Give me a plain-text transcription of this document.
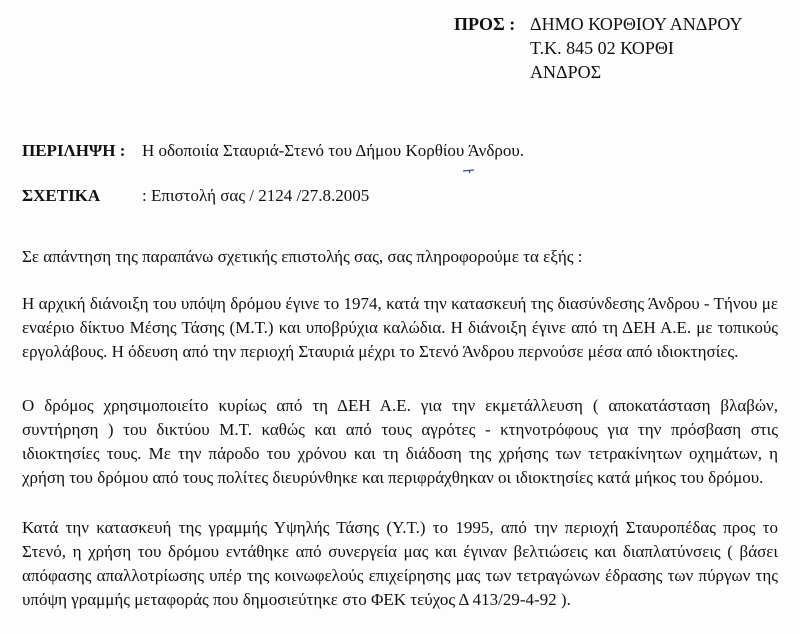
ΠΡΟΣ : ΔΗΜΟ ΚΟΡΘΙΟΥ ΑΝΔΡΟΥ
Τ.Κ. 845 02 ΚΟΡΘΙ
ΑΝΔΡΟΣ
ΠΕΡΙΛΗΨΗ : Η οδοποιία Σταυριά-Στενό του Δήμου Κορθίου Άνδρου.
ΣΧΕΤΙΚΑ	: Επιστολή σας / 2124 /27.8.2005
Σε απάντηση της παραπάνω σχετικής επιστολής σας, σας πληροφορούμε τα εξής :
Η αρχική διάνοιξη του υπόψη δρόμου έγινε το 1974, κατά την κατασκευή της διασύνδεσης Άνδρου - Τήνου με εναέριο δίκτυο Μέσης Τάσης (Μ.Τ.) και υποβρύχια καλώδια. Η διάνοιξη έγινε από τη ΔΕΗ Α.Ε. με τοπικούς εργολάβους. Η όδευση από την περιοχή Σταυριά μέχρι το Στενό Άνδρου περνούσε μέσα από ιδιοκτησίες.
Ο δρόμος χρησιμοποιείτο κυρίως από τη ΔΕΗ Α.Ε. για την εκμετάλλευση ( αποκατάσταση βλαβών, συντήρηση ) του δικτύου Μ.Τ. καθώς και από τους αγρότες - κτηνοτρόφους για την πρόσβαση στις ιδιοκτησίες τους. Με την πάροδο του χρόνου και τη διάδοση της χρήσης των τετρακίνητων οχημάτων, η χρήση του δρόμου από τους πολίτες διευρύνθηκε και περιφράχθηκαν οι ιδιοκτησίες κατά μήκος του δρόμου.
Κατά την κατασκευή της γραμμής Υψηλής Τάσης (Υ.Τ.) το 1995, από την περιοχή Σταυροπέδας προς το Στενό, η χρήση του δρόμου εντάθηκε από συνεργεία μας και έγιναν βελτιώσεις και διαπλατύνσεις ( βάσει απόφασης απαλλοτρίωσης υπέρ της κοινωφελούς επιχείρησης μας των τετραγώνων έδρασης των πύργων της υπόψη γραμμής μεταφοράς που δημοσιεύτηκε στο ΦΕΚ τεύχος Δ 413/29-4-92 ).
